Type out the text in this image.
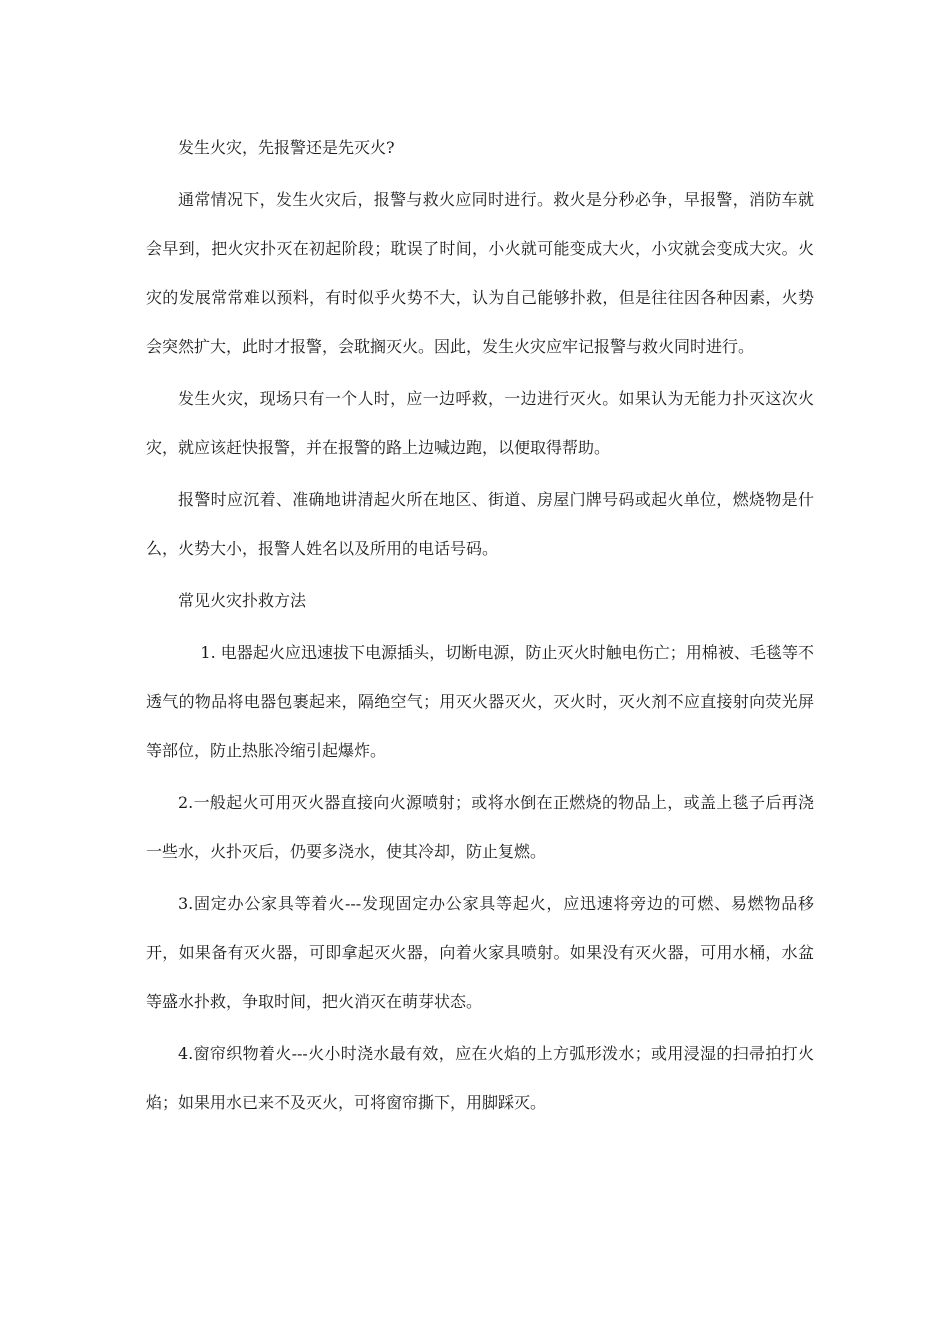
发生火灾，先报警还是先灭火?

通常情况下，发生火灾后，报警与救火应同时进行。救火是分秒必争，早报警，消防车就会早到，把火灾扑灭在初起阶段；耽误了时间，小火就可能变成大火，小灾就会变成大灾。火灾的发展常常难以预料，有时似乎火势不大，认为自己能够扑救，但是往往因各种因素，火势会突然扩大，此时才报警，会耽搁灭火。因此，发生火灾应牢记报警与救火同时进行。

发生火灾，现场只有一个人时，应一边呼救，一边进行灭火。如果认为无能力扑灭这次火灾，就应该赶快报警，并在报警的路上边喊边跑，以便取得帮助。

报警时应沉着、准确地讲清起火所在地区、街道、房屋门牌号码或起火单位，燃烧物是什么，火势大小，报警人姓名以及所用的电话号码。

常见火灾扑救方法

1. 电器起火应迅速拔下电源插头，切断电源，防止灭火时触电伤亡；用棉被、毛毯等不透气的物品将电器包裹起来，隔绝空气；用灭火器灭火，灭火时，灭火剂不应直接射向荧光屏等部位，防止热胀冷缩引起爆炸。

2.一般起火可用灭火器直接向火源喷射；或将水倒在正燃烧的物品上，或盖上毯子后再浇一些水，火扑灭后，仍要多浇水，使其冷却，防止复燃。

3.固定办公家具等着火---发现固定办公家具等起火，应迅速将旁边的可燃、易燃物品移开，如果备有灭火器，可即拿起灭火器，向着火家具喷射。如果没有灭火器，可用水桶，水盆等盛水扑救，争取时间，把火消灭在萌芽状态。

4.窗帘织物着火---火小时浇水最有效，应在火焰的上方弧形泼水；或用浸湿的扫帚拍打火焰；如果用水已来不及灭火，可将窗帘撕下，用脚踩灭。
